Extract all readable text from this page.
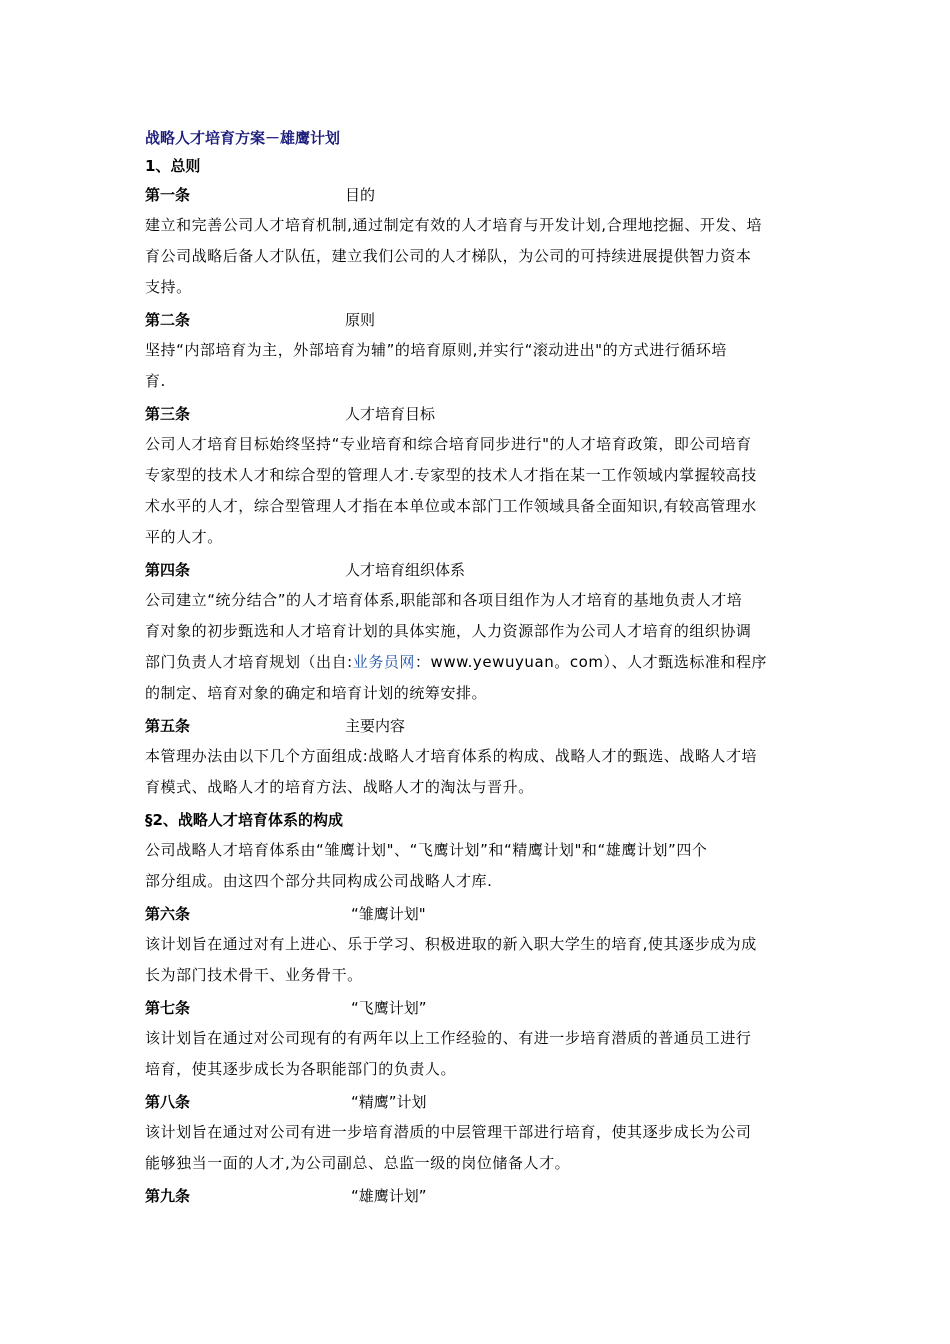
战略人才培育方案－雄鹰计划
1、总则
第一条	目的
建立和完善公司人才培育机制,通过制定有效的人才培育与开发计划,合理地挖掘、开发、培
育公司战略后备人才队伍，建立我们公司的人才梯队，为公司的可持续进展提供智力资本
支持。
第二条	原则
坚持“内部培育为主，外部培育为辅”的培育原则,并实行“滚动进出"的方式进行循环培
育.
第三条	人才培育目标
公司人才培育目标始终坚持“专业培育和综合培育同步进行"的人才培育政策，即公司培育
专家型的技术人才和综合型的管理人才.专家型的技术人才指在某一工作领域内掌握较高技
术水平的人才，综合型管理人才指在本单位或本部门工作领域具备全面知识,有较高管理水
平的人才。
第四条	人才培育组织体系
公司建立“统分结合”的人才培育体系,职能部和各项目组作为人才培育的基地负责人才培
育对象的初步甄选和人才培育计划的具体实施，人力资源部作为公司人才培育的组织协调
部门负责人才培育规划（出自:业务员网：www.yewuyuan。com）、人才甄选标准和程序
的制定、培育对象的确定和培育计划的统筹安排。
第五条	主要内容
本管理办法由以下几个方面组成:战略人才培育体系的构成、战略人才的甄选、战略人才培
育模式、战略人才的培育方法、战略人才的淘汰与晋升。
§2、战略人才培育体系的构成
公司战略人才培育体系由“雏鹰计划"、“飞鹰计划”和“精鹰计划"和“雄鹰计划”四个
部分组成。由这四个部分共同构成公司战略人才库.
第六条	“雏鹰计划"
该计划旨在通过对有上进心、乐于学习、积极进取的新入职大学生的培育,使其逐步成为成
长为部门技术骨干、业务骨干。
第七条	“飞鹰计划”
该计划旨在通过对公司现有的有两年以上工作经验的、有进一步培育潜质的普通员工进行
培育，使其逐步成长为各职能部门的负责人。
第八条	“精鹰”计划
该计划旨在通过对公司有进一步培育潜质的中层管理干部进行培育，使其逐步成长为公司
能够独当一面的人才,为公司副总、总监一级的岗位储备人才。
第九条	“雄鹰计划”
